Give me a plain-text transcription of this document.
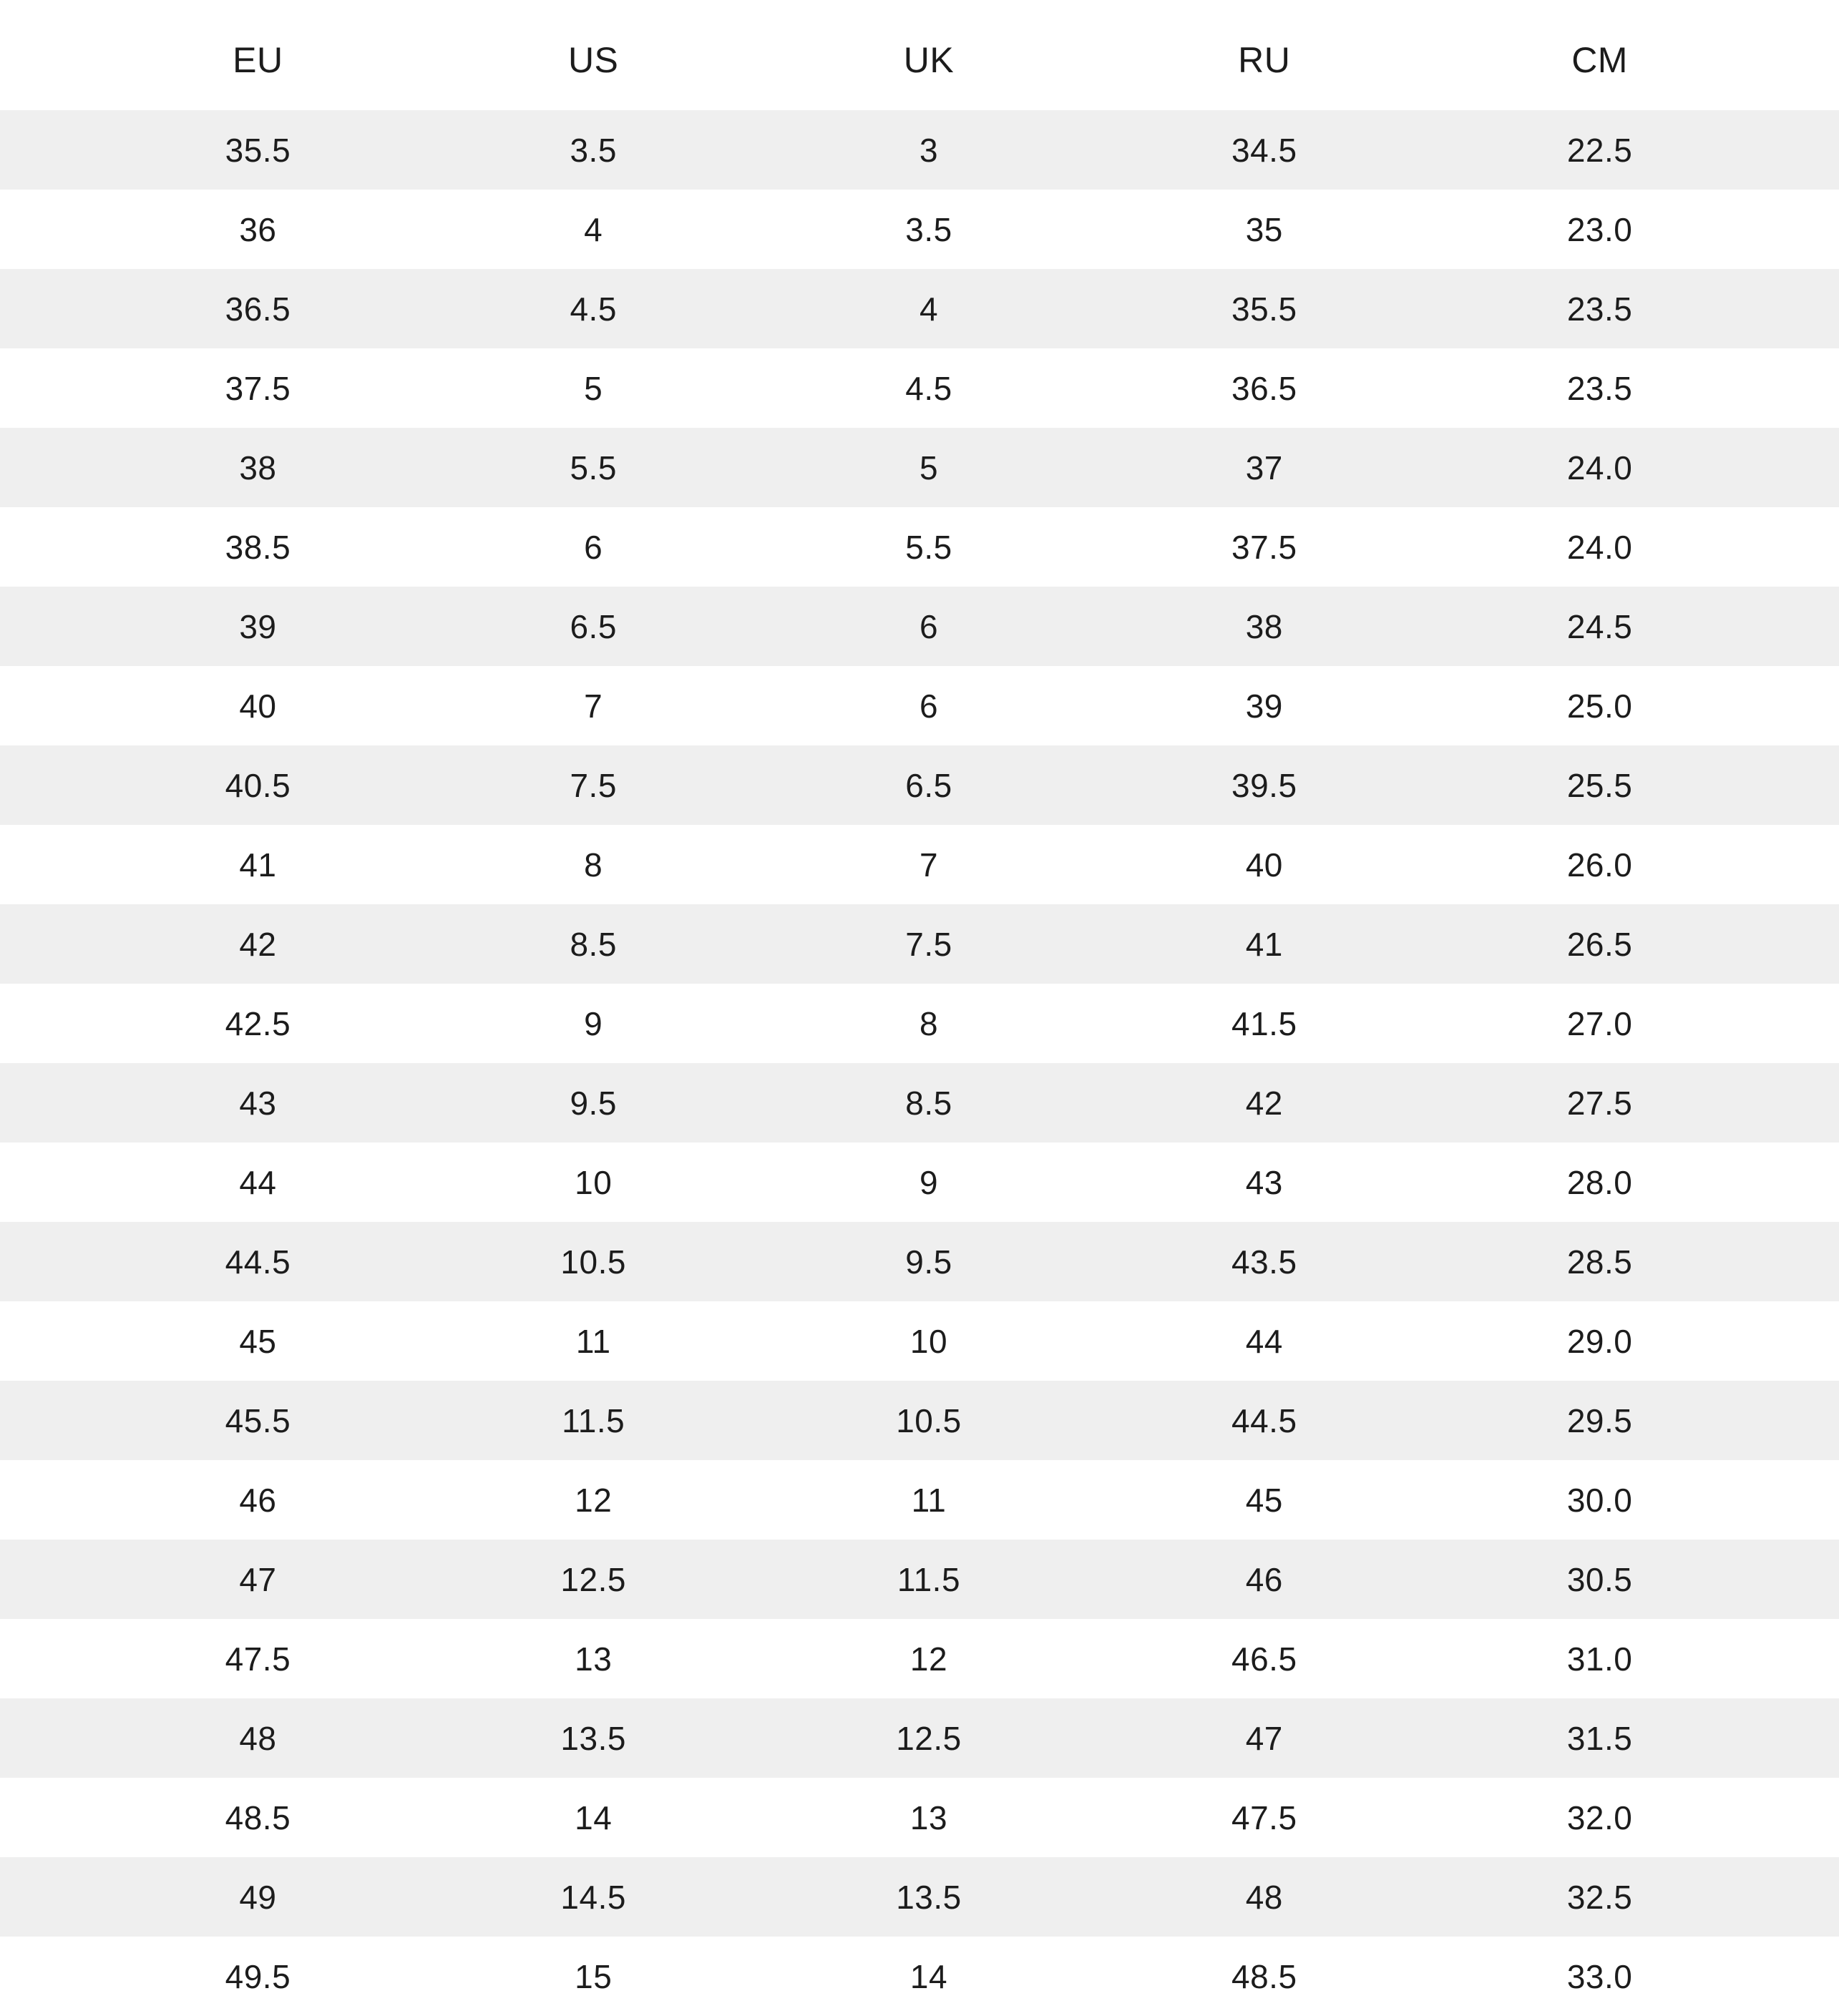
EU	US	UK	RU	CM
35.5	3.5	3	34.5	22.5
36	4	3.5	35	23.0
36.5	4.5	4	35.5	23.5
37.5	5	4.5	36.5	23.5
38	5.5	5	37	24.0
38.5	6	5.5	37.5	24.0
39	6.5	6	38	24.5
40	7	6	39	25.0
40.5	7.5	6.5	39.5	25.5
41	8	7	40	26.0
42	8.5	7.5	41	26.5
42.5	9	8	41.5	27.0
43	9.5	8.5	42	27.5
44	10	9	43	28.0
44.5	10.5	9.5	43.5	28.5
45	11	10	44	29.0
45.5	11.5	10.5	44.5	29.5
46	12	11	45	30.0
47	12.5	11.5	46	30.5
47.5	13	12	46.5	31.0
48	13.5	12.5	47	31.5
48.5	14	13	47.5	32.0
49	14.5	13.5	48	32.5
49.5	15	14	48.5	33.0
